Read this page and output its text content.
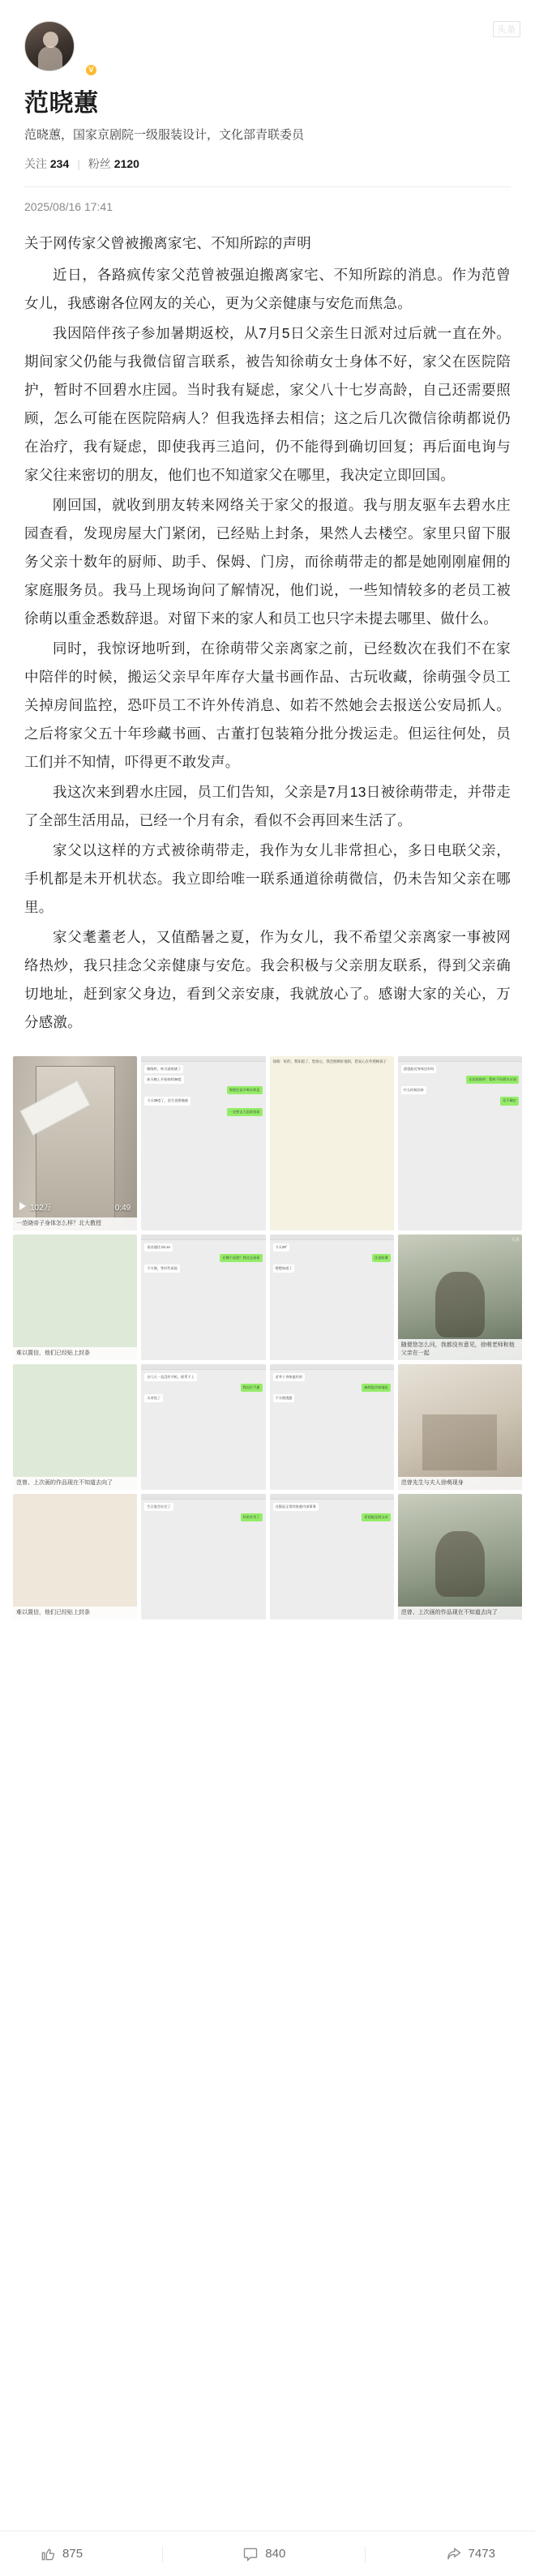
头条
V
范晓蕙
范晓蕙，国家京剧院一级服装设计，文化部青联委员
关注 234 | 粉丝 2120
2025/08/16 17:41

关于网传家父曾被搬离家宅、不知所踪的声明

近日，各路疯传家父范曾被强迫搬离家宅、不知所踪的消息。作为范曾女儿，我感谢各位网友的关心，更为父亲健康与安危而焦急。

我因陪伴孩子参加暑期返校，从7月5日父亲生日派对过后就一直在外。期间家父仍能与我微信留言联系，被告知徐萌女士身体不好，家父在医院陪护，暂时不回碧水庄园。当时我有疑虑，家父八十七岁高龄，自己还需要照顾，怎么可能在医院陪病人？但我选择去相信；这之后几次微信徐萌都说仍在治疗，我有疑虑，即使我再三追问，仍不能得到确切回复；再后面电询与家父往来密切的朋友，他们也不知道家父在哪里，我决定立即回国。

刚回国，就收到朋友转来网络关于家父的报道。我与朋友驱车去碧水庄园查看，发现房屋大门紧闭，已经贴上封条，果然人去楼空。家里只留下服务父亲十数年的厨师、助手、保姆、门房，而徐萌带走的都是她刚刚雇佣的家庭服务员。我马上现场询问了解情况，他们说，一些知情较多的老员工被徐萌以重金悉数辞退。对留下来的家人和员工也只字未提去哪里、做什么。

同时，我惊讶地听到，在徐萌带父亲离家之前，已经数次在我们不在家中陪伴的时候，搬运父亲早年库存大量书画作品、古玩收藏，徐萌强令员工关掉房间监控，恐吓员工不许外传消息、如若不然她会去报送公安局抓人。之后将家父五十年珍藏书画、古董打包装箱分批分拨运走。但运往何处，员工们并不知情，吓得更不敢发声。

我这次来到碧水庄园，员工们告知，父亲是7月13日被徐萌带走，并带走了全部生活用品，已经一个月有余，看似不会再回来生活了。

家父以这样的方式被徐萌带走，我作为女儿非常担心，多日电联父亲，手机都是未开机状态。我立即给唯一联系通道徐萌微信，仍未告知父亲在哪里。

家父耄耋老人，又值酷暑之夏，作为女儿，我不希望父亲离家一事被网络热炒，我只挂念父亲健康与安危。我会积极与父亲朋友联系，得到父亲确切地址，赶到家父身边，看到父亲安康，我就放心了。感谢大家的关心，万分感激。

102万	0:49
一范晓帝子身体怎么样？北大教授
喉咙疼，转天就低烧了
前天晚上开始持续38度
那要注意多喝水休息
今天39度了，医生说要输液
一定要去大医院看看
徐萌：好的，我知道了，您放心，我会照顾好他的，您安心在外照顾孩子
爸爸最近身体还好吗
在医院陪护，暂时不回碧水庄园
什么时候回来
还不确定
难以置信，他们已经贴上封条
语音通话 02:14
在哪个医院？我过去看看
不方便，等好些再说
今天29°
注意防暑
嗯嗯知道了
头条
随便您怎么问，我都没有意见，徐萌老师和他父亲在一起
范曾、上次画的作品现在不知道去向了
这几天一直没有开机，联系不上
我也打不通
太奇怪了
老爷子身体挺好的
麻烦您告知地址
不方便透露
范曾先生与夫人徐萌现身
难以置信，他们已经贴上封条
生日宴会办完了
好的辛苦了
这都是正常的家庭内部事务
希望能见到父亲
范曾、上次画的作品现在不知道去向了
875	840	7473
